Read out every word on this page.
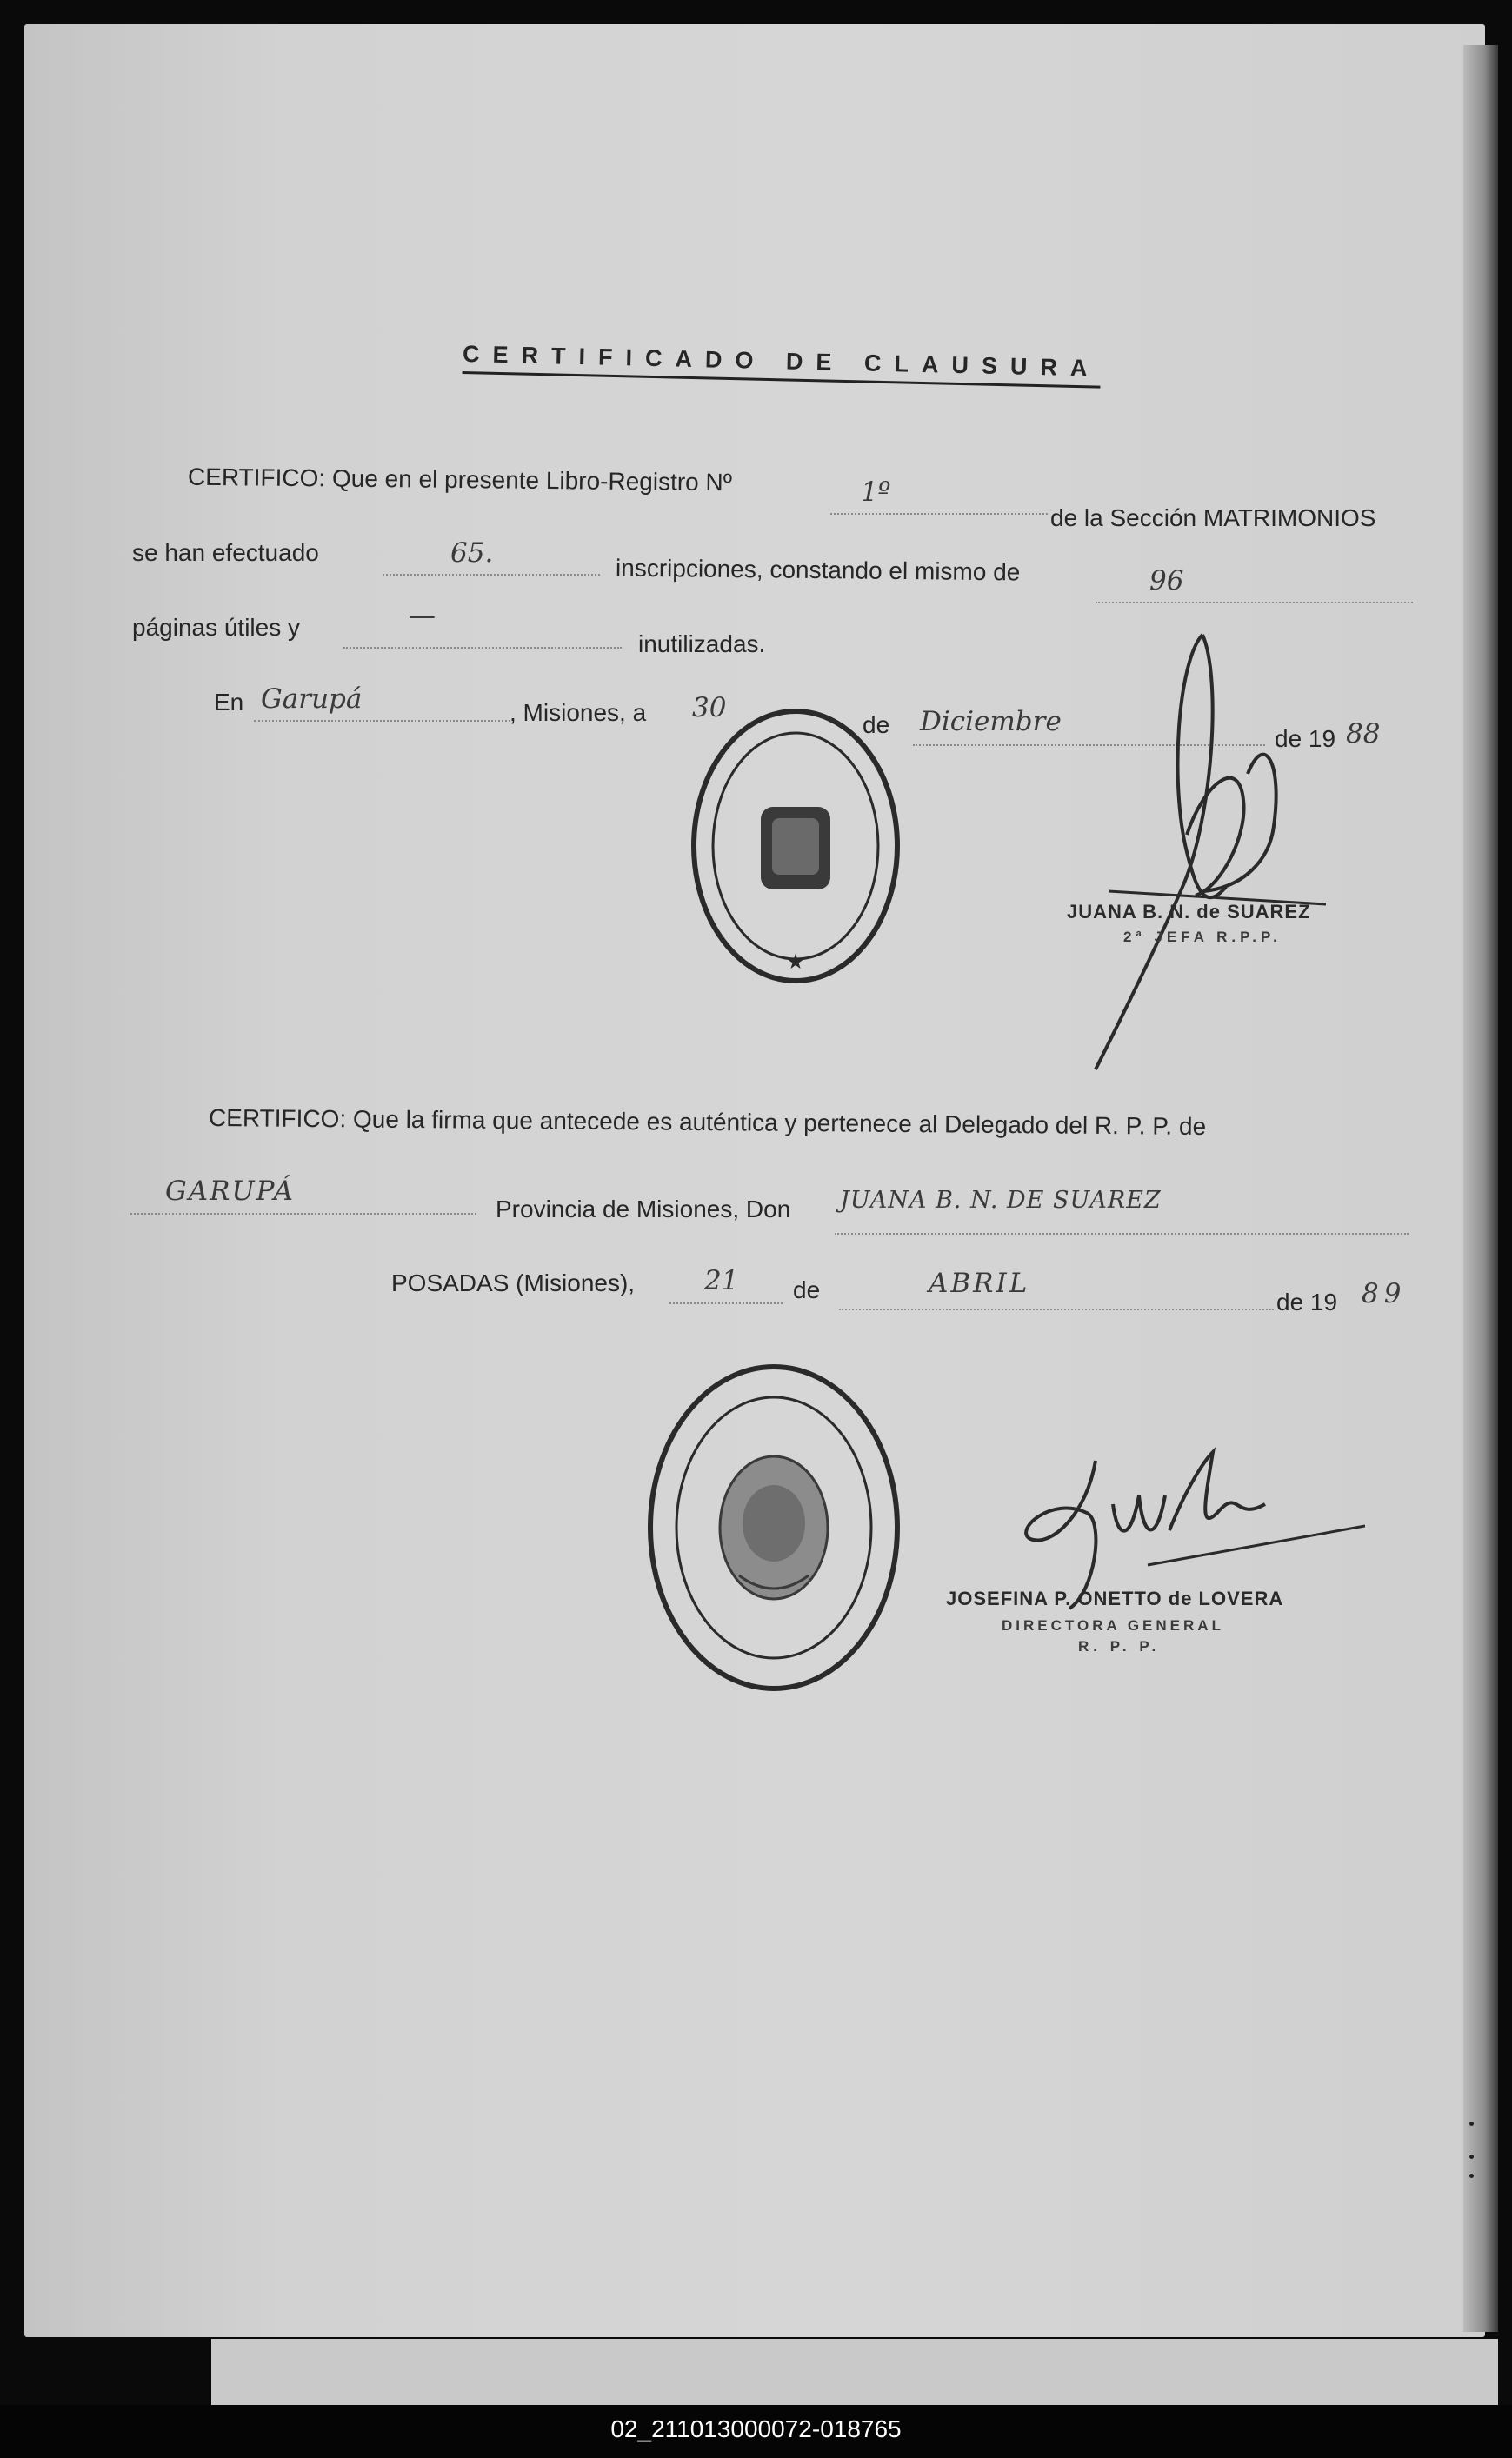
CERTIFICADO DE CLAUSURA
CERTIFICO: Que en el presente Libro-Registro Nº	1º
de la Sección MATRIMONIOS
se han efectuado	65.
inscripciones, constando el mismo de	96
páginas útiles y	—
inutilizadas.
En Garupá	, Misiones, a 30
de Diciembre
de 19 88
★
JUANA B. N. de SUAREZ
2ª JEFA R.P.P.
CERTIFICO: Que la firma que antecede es auténtica y pertenece al Delegado del R. P. P. de
GARUPÁ
Provincia de Misiones, Don JUANA B. N. DE SUAREZ
POSADAS (Misiones),	21 de	ABRIL
de 19 89
JOSEFINA P. ONETTO de LOVERA
DIRECTORA GENERAL
R. P. P.
02_211013000072-018765
